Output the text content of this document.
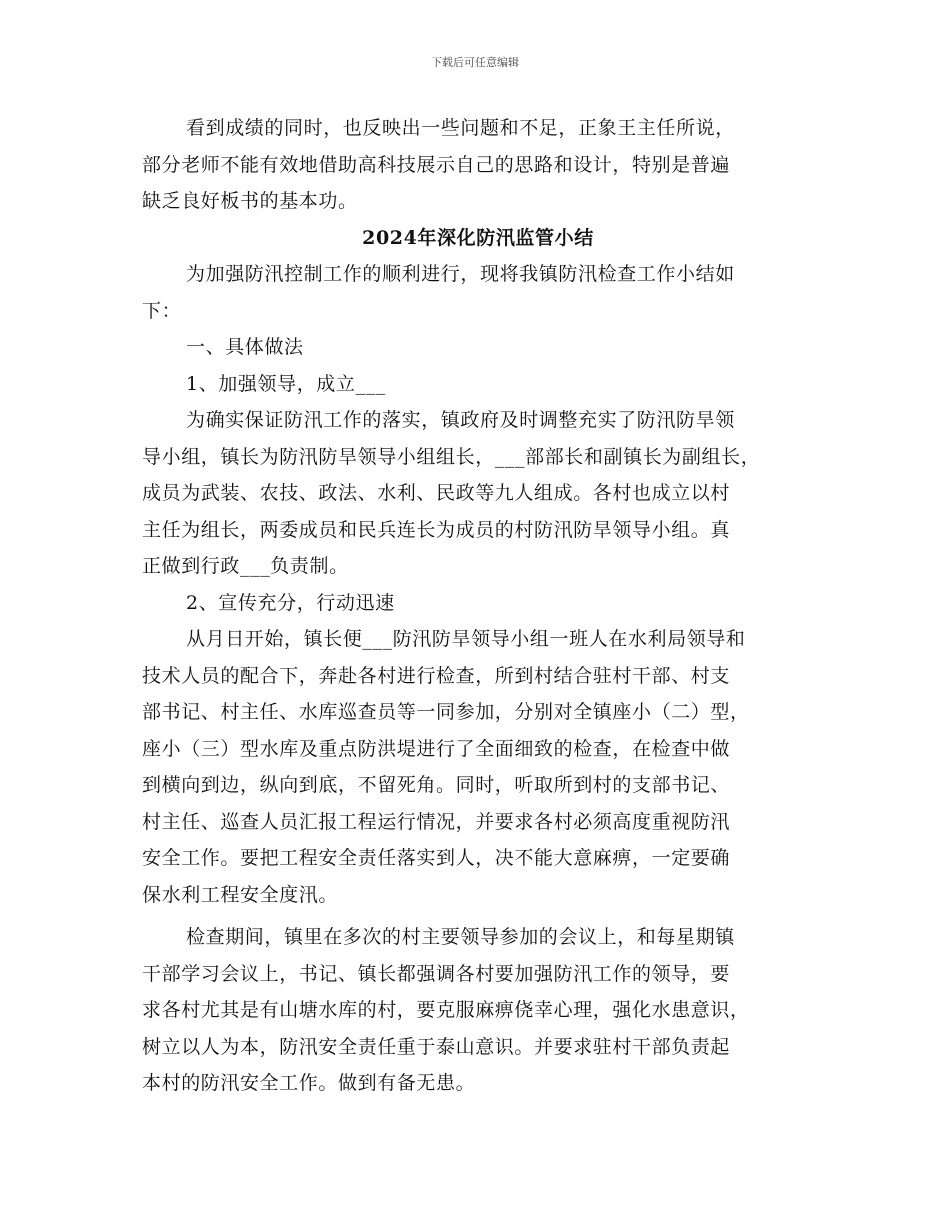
下载后可任意编辑
看到成绩的同时，也反映出一些问题和不足，正象王主任所说，
部分老师不能有效地借助高科技展示自己的思路和设计，特别是普遍
缺乏良好板书的基本功。
2024年深化防汛监管小结
为加强防汛控制工作的顺利进行，现将我镇防汛检查工作小结如
下：
一、具体做法
1、加强领导，成立___
为确实保证防汛工作的落实，镇政府及时调整充实了防汛防旱领
导小组，镇长为防汛防旱领导小组组长，___部部长和副镇长为副组长，
成员为武装、农技、政法、水利、民政等九人组成。各村也成立以村
主任为组长，两委成员和民兵连长为成员的村防汛防旱领导小组。真
正做到行政___负责制。
2、宣传充分，行动迅速
从月日开始，镇长便___防汛防旱领导小组一班人在水利局领导和
技术人员的配合下，奔赴各村进行检查，所到村结合驻村干部、村支
部书记、村主任、水库巡查员等一同参加，分别对全镇座小（二）型，
座小（三）型水库及重点防洪堤进行了全面细致的检查，在检查中做
到横向到边，纵向到底，不留死角。同时，听取所到村的支部书记、
村主任、巡查人员汇报工程运行情况，并要求各村必须高度重视防汛
安全工作。要把工程安全责任落实到人，决不能大意麻痹，一定要确
保水利工程安全度汛。
检查期间，镇里在多次的村主要领导参加的会议上，和每星期镇
干部学习会议上，书记、镇长都强调各村要加强防汛工作的领导，要
求各村尤其是有山塘水库的村，要克服麻痹侥幸心理，强化水患意识，
树立以人为本，防汛安全责任重于泰山意识。并要求驻村干部负责起
本村的防汛安全工作。做到有备无患。
